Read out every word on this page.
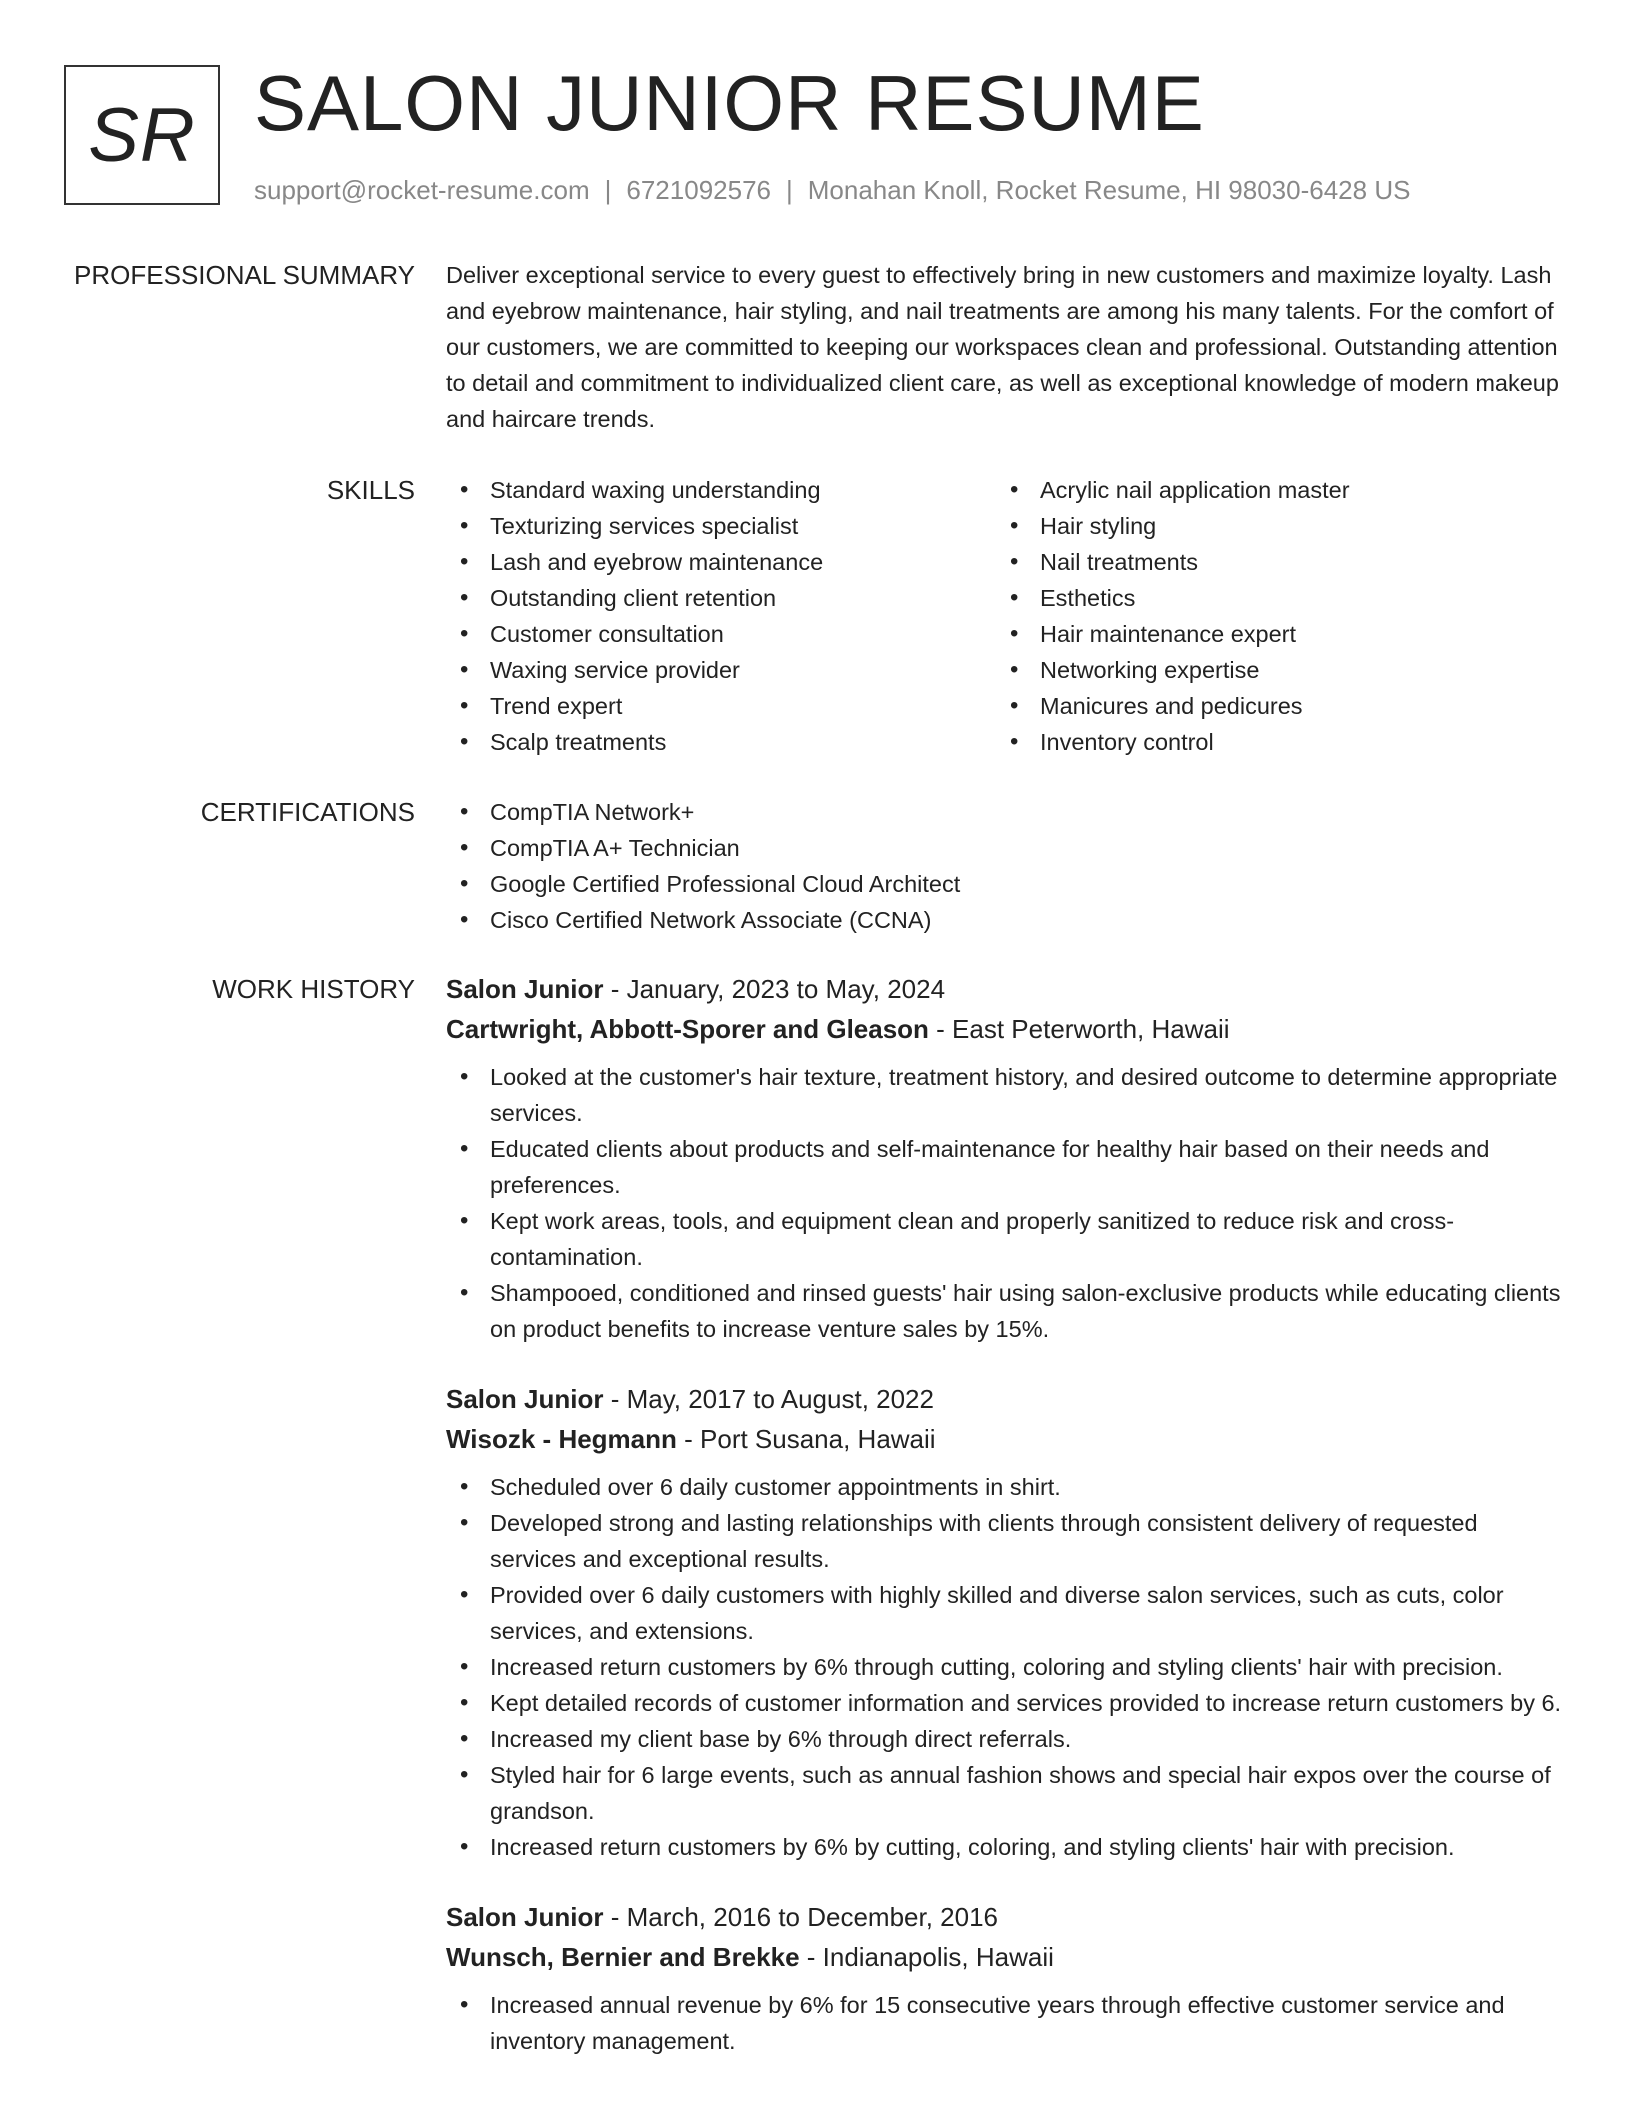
SR SALON JUNIOR RESUME
support@rocket-resume.com | 6721092576 | Monahan Knoll, Rocket Resume, HI 98030-6428 US
PROFESSIONAL SUMMARY Deliver exceptional service to every guest to effectively bring in new customers and maximize loyalty. Lash and eyebrow maintenance, hair styling, and nail treatments are among his many talents. For the comfort of our customers, we are committed to keeping our workspaces clean and professional. Outstanding attention to detail and commitment to individualized client care, as well as exceptional knowledge of modern makeup and haircare trends.

SKILLS	• Standard waxing understanding
• Texturizing services specialist
• Lash and eyebrow maintenance
• Outstanding client retention
• Customer consultation
• Waxing service provider
• Trend expert
• Scalp treatments
• Acrylic nail application master
• Hair styling
• Nail treatments
• Esthetics
• Hair maintenance expert
• Networking expertise
• Manicures and pedicures
• Inventory control
CERTIFICATIONS	• CompTIA Network+
• CompTIA A+ Technician
• Google Certified Professional Cloud Architect
• Cisco Certified Network Associate (CCNA)
WORK HISTORY Salon Junior - January, 2023 to May, 2024
Cartwright, Abbott-Sporer and Gleason - East Peterworth, Hawaii
• Looked at the customer's hair texture, treatment history, and desired outcome to determine appropriate services.
• Educated clients about products and self-maintenance for healthy hair based on their needs and preferences.
• Kept work areas, tools, and equipment clean and properly sanitized to reduce risk and cross-contamination.
• Shampooed, conditioned and rinsed guests' hair using salon-exclusive products while educating clients on product benefits to increase venture sales by 15%.
Salon Junior - May, 2017 to August, 2022
Wisozk - Hegmann - Port Susana, Hawaii
• Scheduled over 6 daily customer appointments in shirt.
• Developed strong and lasting relationships with clients through consistent delivery of requested services and exceptional results.
• Provided over 6 daily customers with highly skilled and diverse salon services, such as cuts, color services, and extensions.
• Increased return customers by 6% through cutting, coloring and styling clients' hair with precision.
• Kept detailed records of customer information and services provided to increase return customers by 6.
• Increased my client base by 6% through direct referrals.
• Styled hair for 6 large events, such as annual fashion shows and special hair expos over the course of grandson.
• Increased return customers by 6% by cutting, coloring, and styling clients' hair with precision.
Salon Junior - March, 2016 to December, 2016
Wunsch, Bernier and Brekke - Indianapolis, Hawaii
• Increased annual revenue by 6% for 15 consecutive years through effective customer service and inventory management.
